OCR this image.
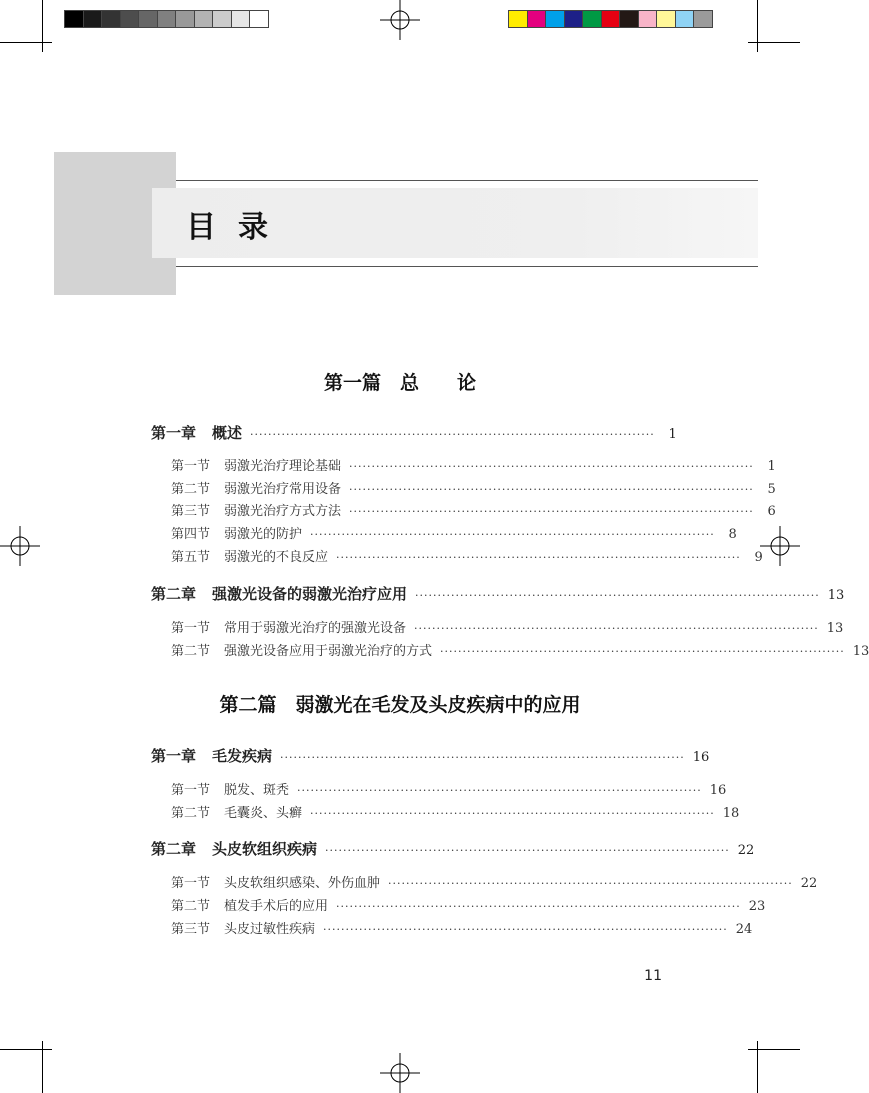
目录
第一篇　总　　论
第一章 概述 ··························································································	1
第一节 弱激光治疗理论基础 ··························································································	1
第二节 弱激光治疗常用设备 ··························································································	5
第三节 弱激光治疗方式方法 ··························································································	6
第四节 弱激光的防护 ··························································································	8
第五节 弱激光的不良反应 ··························································································	9
第二章 强激光设备的弱激光治疗应用 ·························································································· 13
第一节 常用于弱激光治疗的强激光设备 ·························································································· 13
第二节 强激光设备应用于弱激光治疗的方式 ·························································································· 13
第二篇　弱激光在毛发及头皮疾病中的应用
第一章 毛发疾病 ·························································································· 16
第一节 脱发、斑秃 ·························································································· 16
第二节 毛囊炎、头癣 ·························································································· 18
第二章 头皮软组织疾病 ·························································································· 22
第一节 头皮软组织感染、外伤血肿 ·························································································· 22
第二节 植发手术后的应用 ·························································································· 23
第三节 头皮过敏性疾病 ·························································································· 24
11
